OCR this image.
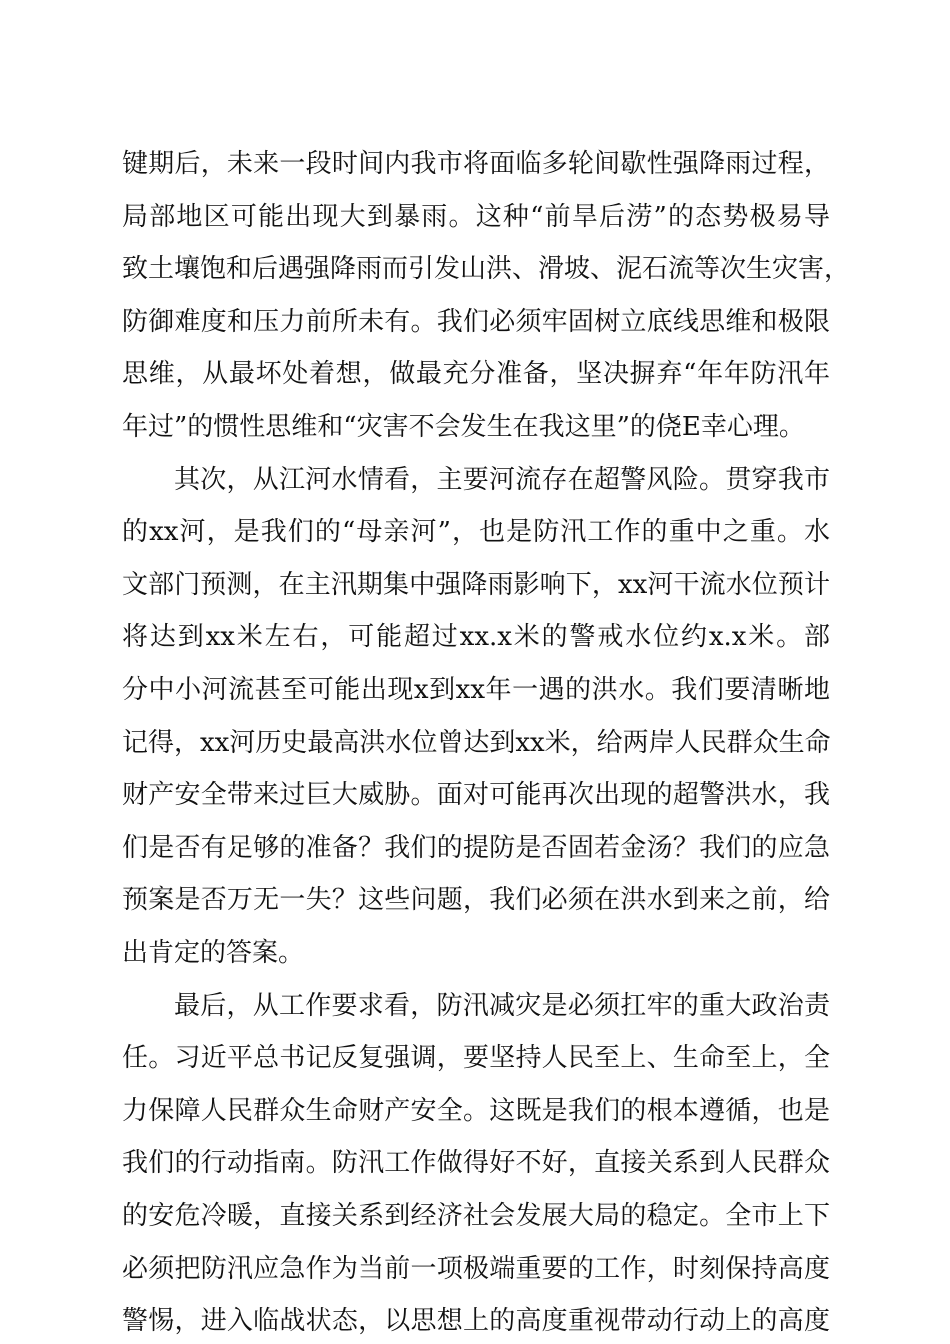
键期后，未来一段时间内我市将面临多轮间歇性强降雨过程，
局部地区可能出现大到暴雨。这种“前旱后涝”的态势极易导
致土壤饱和后遇强降雨而引发山洪、滑坡、泥石流等次生灾害，
防御难度和压力前所未有。我们必须牢固树立底线思维和极限
思维，从最坏处着想，做最充分准备，坚决摒弃“年年防汛年
年过”的惯性思维和“灾害不会发生在我这里”的侥E幸心理。
其次，从江河水情看，主要河流存在超警风险。贯穿我市
的xx河，是我们的“母亲河”，也是防汛工作的重中之重。水
文部门预测，在主汛期集中强降雨影响下，xx河干流水位预计
将达到xx米左右，可能超过xx.x米的警戒水位约x.x米。部
分中小河流甚至可能出现x到xx年一遇的洪水。我们要清晰地
记得，xx河历史最高洪水位曾达到xx米，给两岸人民群众生命
财产安全带来过巨大威胁。面对可能再次出现的超警洪水，我
们是否有足够的准备？我们的提防是否固若金汤？我们的应急
预案是否万无一失？这些问题，我们必须在洪水到来之前，给
出肯定的答案。
最后，从工作要求看，防汛减灾是必须扛牢的重大政治责
任。习近平总书记反复强调，要坚持人民至上、生命至上，全
力保障人民群众生命财产安全。这既是我们的根本遵循，也是
我们的行动指南。防汛工作做得好不好，直接关系到人民群众
的安危冷暖，直接关系到经济社会发展大局的稳定。全市上下
必须把防汛应急作为当前一项极端重要的工作，时刻保持高度
警惕，进入临战状态，以思想上的高度重视带动行动上的高度
